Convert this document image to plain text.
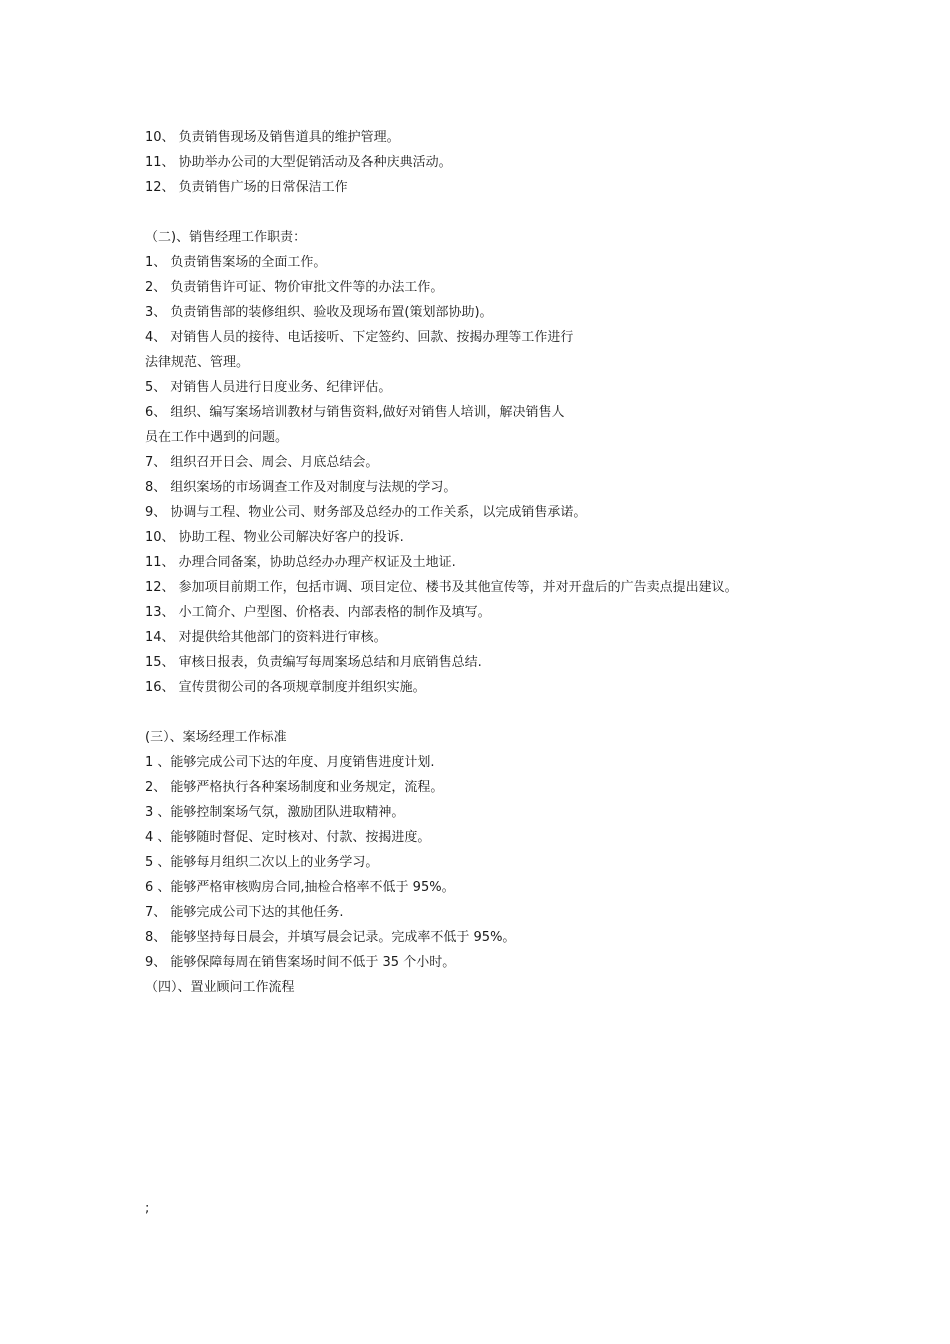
10、 负责销售现场及销售道具的维护管理。
11、 协助举办公司的大型促销活动及各种庆典活动。
12、 负责销售广场的日常保洁工作
（二)、销售经理工作职责：
1、 负责销售案场的全面工作。
2、 负责销售许可证、物价审批文件等的办法工作。
3、 负责销售部的装修组织、验收及现场布置(策划部协助)。
4、 对销售人员的接待、电话接听、下定签约、回款、按揭办理等工作进行
法律规范、管理。
5、 对销售人员进行日度业务、纪律评估。
6、 组织、编写案场培训教材与销售资料,做好对销售人培训，解决销售人
员在工作中遇到的问题。
7、 组织召开日会、周会、月底总结会。
8、 组织案场的市场调查工作及对制度与法规的学习。
9、 协调与工程、物业公司、财务部及总经办的工作关系，以完成销售承诺。
10、 协助工程、物业公司解决好客户的投诉.
11、 办理合同备案，协助总经办办理产权证及土地证.
12、 参加项目前期工作，包括市调、项目定位、楼书及其他宣传等，并对开盘后的广告卖点提出建议。
13、 小工简介、户型图、价格表、内部表格的制作及填写。
14、 对提供给其他部门的资料进行审核。
15、 审核日报表，负责编写每周案场总结和月底销售总结.
16、 宣传贯彻公司的各项规章制度并组织实施。
(三）、案场经理工作标准
1 、能够完成公司下达的年度、月度销售进度计划.
2、 能够严格执行各种案场制度和业务规定，流程。
3 、能够控制案场气氛，激励团队进取精神。
4 、能够随时督促、定时核对、付款、按揭进度。
5 、能够每月组织二次以上的业务学习。
6 、能够严格审核购房合同,抽检合格率不低于 95%。
7、 能够完成公司下达的其他任务.
8、 能够坚持每日晨会，并填写晨会记录。完成率不低于 95%。
9、 能够保障每周在销售案场时间不低于 35 个小时。
（四）、置业顾问工作流程
;
